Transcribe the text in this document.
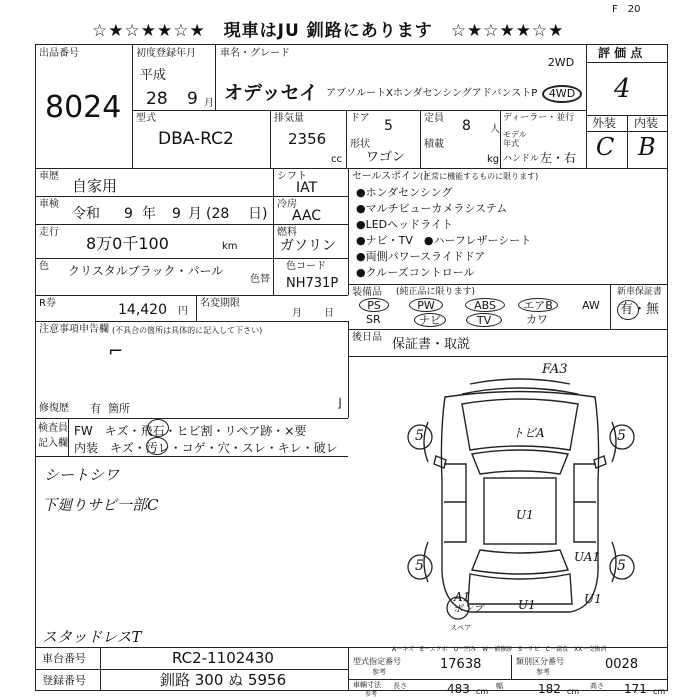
☆★☆★★☆★　現車はJU 釧路にあります　☆★☆★★☆★
F　20
出品番号
8024
初度登録年月 車名・グレード
平成
28 9 月 オデッセイ アブソルートXホンダセンシングアドバンストP
2WD
4WD
型式
DBA-RC2
排気量
2356
cc
ドア 5
形状
ワゴン
定員 8 人
積載
kg
ディーラー・並行
モデル年式
ハンドル 左・右
評 価 点
4
外装 内装
C B
車歴
自家用
車検
令和 9 年 9 月 (28 日)
走行
8万0千100	km
シフト
IAT
冷房
AAC
燃料
ガソリン
色 クリスタルブラック・パール
色替
色コード
NH731P
R券	14,420 円
名変期限
月 日
セールスポイント
(正常に機能するものに限ります)
●ホンダセンシング
●マルチビューカメラシステム
●LEDヘッドライト
●ナビ・TV　●ハーフレザーシート
●両側パワースライドドア
●クルーズコントロール
装備品 (純正品に限ります)
PS	PW	ABS	エアB	AW
SR	ナビ	TV	カワ
新車保証書
有・無
後日品 保証書・取説
注意事項申告欄 (不具合の箇所は具体的に記入して下さい)
⌐
⌋
修復歴 有 箇所
検査員
記入欄
FW　キズ・飛石・ヒビ割・リペア跡・×要
内装　キズ・汚レ・コゲ・穴・スレ・キレ・破レ
シートシワ
下廻りサビ一部C
スタッドレスT
FA3
5	5
5	5
トビA
U1
UA1
A1
U1	U1
ポンプ
スペア
A－キズ　E－エクボ　U－凹み　W－補修跡　S－サビ　C－腐食　XX－交換済
車台番号	RC2-1102430
登録番号	釧路 300 ぬ 5956
型式指定番号
参考	17638	類別区分番号
参考	0028
車輌寸法
参考
長さ	483 cm
幅	182 cm
高さ 171 cm
